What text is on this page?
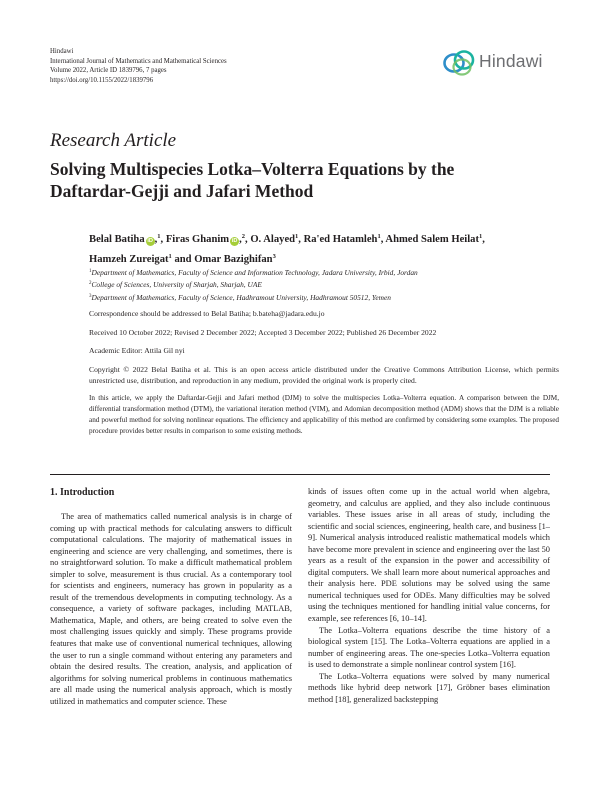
Hindawi
International Journal of Mathematics and Mathematical Sciences
Volume 2022, Article ID 1839796, 7 pages
https://doi.org/10.1155/2022/1839796
Hindawi
Research Article
Solving Multispecies Lotka–Volterra Equations by the
Daftardar-Gejji and Jafari Method
Belal Batiha iD ,$^1$, Firas Ghanim iD ,$^2$, O. Alayed$^1$, Ra'ed Hatamleh$^1$, Ahmed Salem Heilat$^1$,
Hamzeh Zureigat$^1$ and Omar Bazighifan$^3$
$^1$Department of Mathematics, Faculty of Science and Information Technology, Jadara University, Irbid, Jordan
$^2$College of Sciences, University of Sharjah, Sharjah, UAE
$^3$Department of Mathematics, Faculty of Science, Hadhramout University, Hadhramout 50512, Yemen
Correspondence should be addressed to Belal Batiha; b.bateha@jadara.edu.jo
Received 10 October 2022; Revised 2 December 2022; Accepted 3 December 2022; Published 26 December 2022
Academic Editor: Attila Gil nyi
Copyright © 2022 Belal Batiha et al. This is an open access article distributed under the Creative Commons Attribution License, which permits unrestricted use, distribution, and reproduction in any medium, provided the original work is properly cited.
In this article, we apply the Daftardar-Gejji and Jafari method (DJM) to solve the multispecies Lotka–Volterra equation. A comparison between the DJM, differential transformation method (DTM), the variational iteration method (VIM), and Adomian decomposition method (ADM) shows that the DJM is a reliable and powerful method for solving nonlinear equations. The efficiency and applicability of this method are confirmed by considering some examples. The proposed procedure provides better results in comparison to some existing methods.
1. Introduction

The area of mathematics called numerical analysis is in charge of coming up with practical methods for calculating answers to difficult computational calculations. The majority of mathematical issues in engineering and science are very challenging, and sometimes, there is no straightforward solution. To make a difficult mathematical problem simpler to solve, measurement is thus crucial. As a contemporary tool for scientists and engineers, numeracy has grown in popularity as a result of the tremendous developments in computing technology. As a consequence, a variety of software packages, including MATLAB, Mathematica, Maple, and others, are being created to solve even the most challenging issues quickly and simply. These programs provide features that make use of conventional numerical techniques, allowing the user to run a single command without entering any parameters and obtain the desired results. The creation, analysis, and application of algorithms for solving numerical problems in continuous mathematics are all made using the numerical analysis approach, which is mostly utilized in mathematics and computer science. These

kinds of issues often come up in the actual world when algebra, geometry, and calculus are applied, and they also include continuous variables. These issues arise in all areas of study, including the scientific and social sciences, engineering, health care, and business [1–9]. Numerical analysis introduced realistic mathematical models which have become more prevalent in science and engineering over the last 50 years as a result of the expansion in the power and accessibility of digital computers. We shall learn more about numerical approaches and their analysis here. PDE solutions may be solved using the same numerical techniques used for ODEs. Many difficulties may be solved using the techniques mentioned for handling initial value concerns, for example, see references [6, 10–14].

The Lotka–Volterra equations describe the time history of a biological system [15]. The Lotka–Volterra equations are applied in a number of engineering areas. The one-species Lotka–Volterra equation is used to demonstrate a simple nonlinear control system [16].

The Lotka–Volterra equations were solved by many numerical methods like hybrid deep network [17], Gröbner bases elimination method [18], generalized backstepping
